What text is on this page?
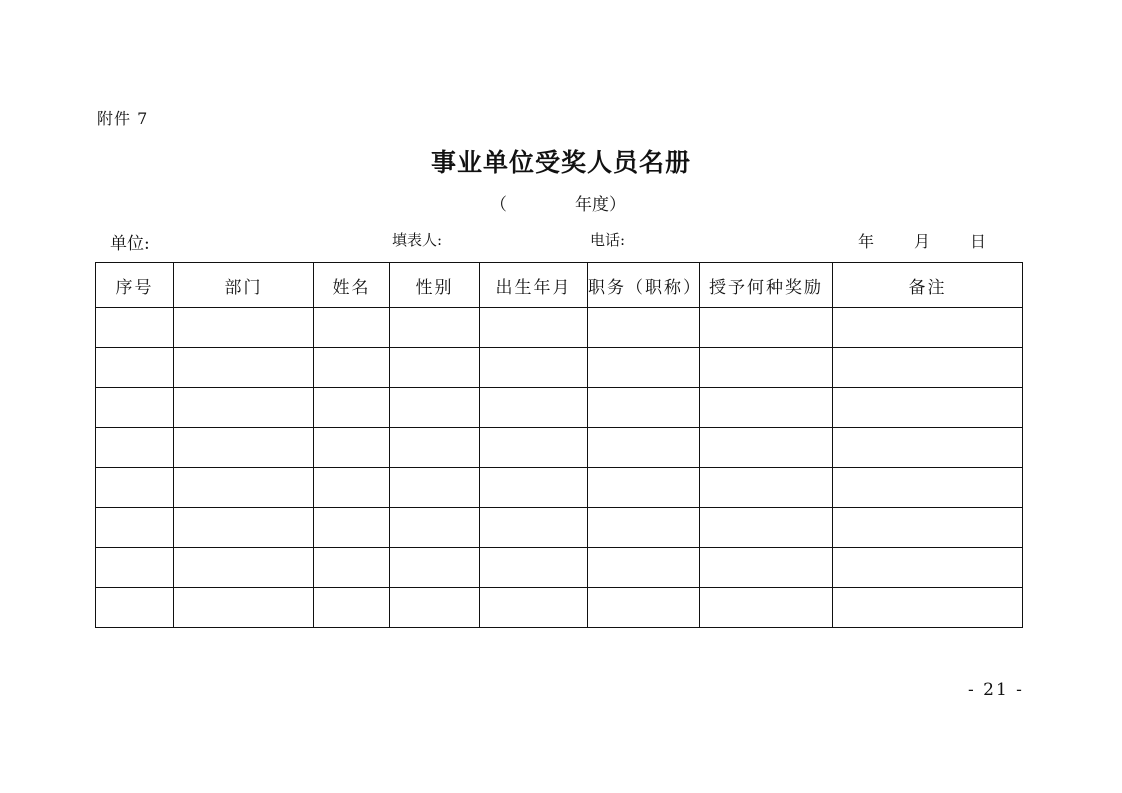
附件 7
事业单位受奖人员名册
（	年度）
单位:	填表人:	电话:	年 月 日
序号	部门	姓名	性别	出生年月	职务（职称）	授予何种奖励	备注

- 21 -
